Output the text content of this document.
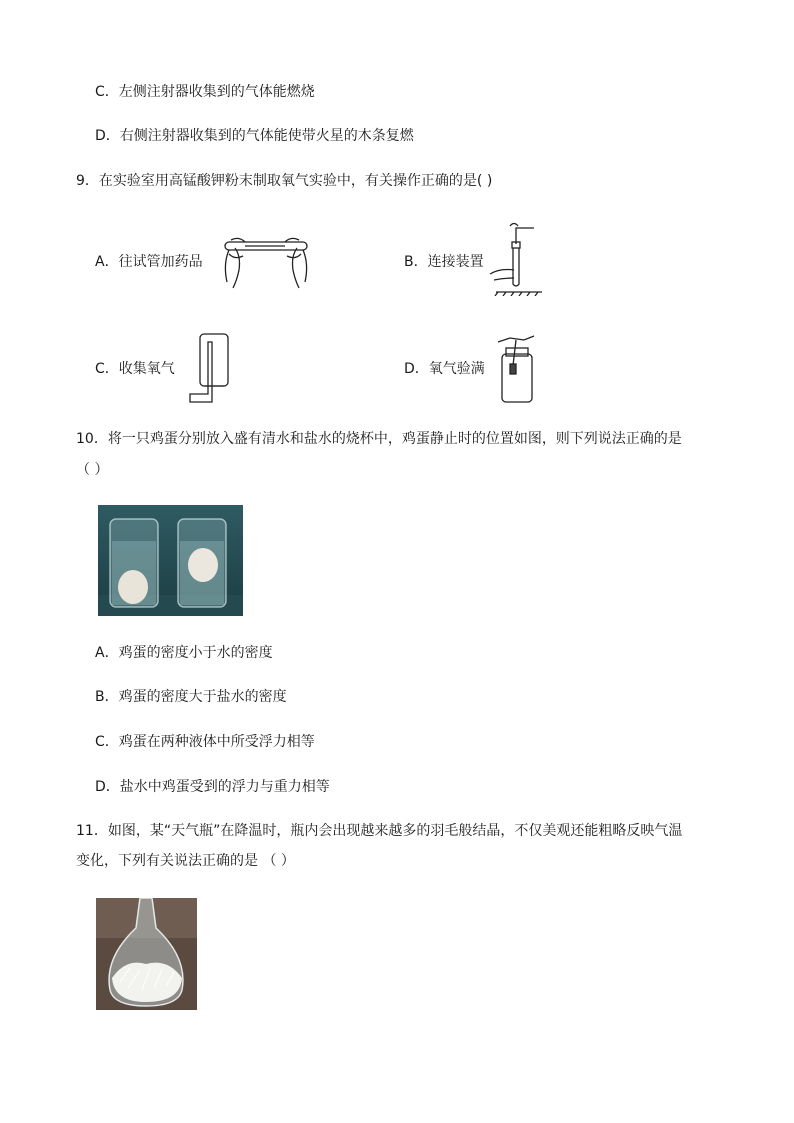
C．左侧注射器收集到的气体能燃烧
D．右侧注射器收集到的气体能使带火星的木条复燃
9．在实验室用高锰酸钾粉末制取氧气实验中，有关操作正确的是( )
A．往试管加药品	B．连接装置
C．收集氧气	D．氧气验满
10．将一只鸡蛋分别放入盛有清水和盐水的烧杯中，鸡蛋静止时的位置如图，则下列说法正确的是
（ ）
A．鸡蛋的密度小于水的密度
B．鸡蛋的密度大于盐水的密度
C．鸡蛋在两种液体中所受浮力相等
D．盐水中鸡蛋受到的浮力与重力相等
11．如图，某“天气瓶”在降温时，瓶内会出现越来越多的羽毛般结晶，不仅美观还能粗略反映气温
变化，下列有关说法正确的是 （ ）
